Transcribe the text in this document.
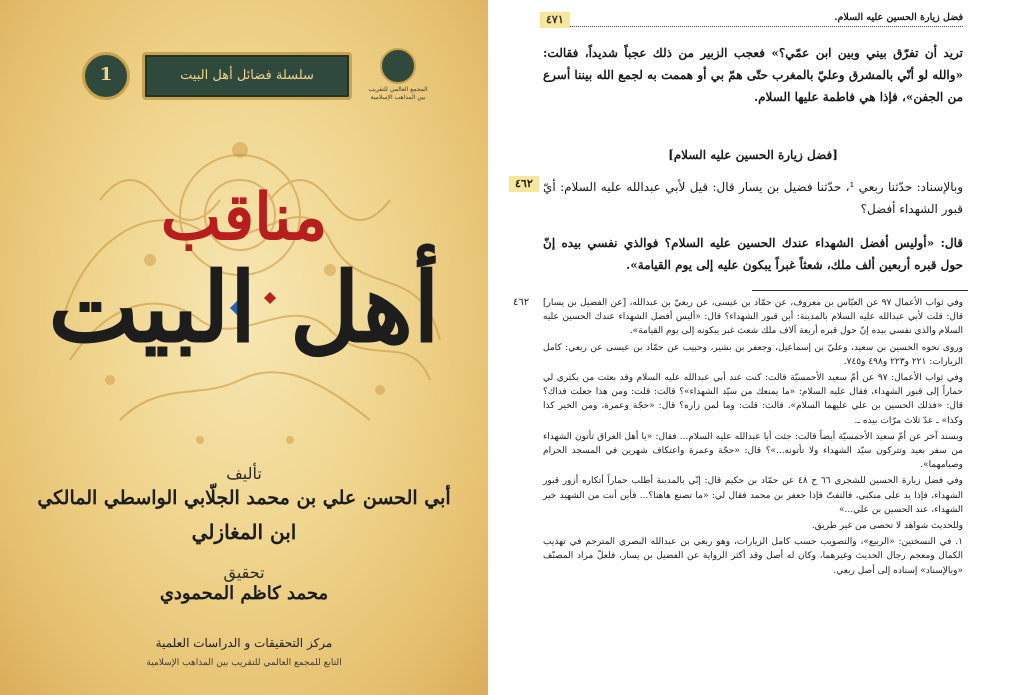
المجمع العالمي للتقريب بين المذاهب الإسلامية
سلسلة فضائل أهل البيت
1
مناقب
أهل البيت
تأليف
أبي الحسن علي بن محمد الجلّابي الواسطي المالكي
ابن المغازلي
تحقيق
محمد كاظم المحمودي
مركز التحقيقات و الدراسات العلمية
التابع للمجمع العالمي للتقريب بين المذاهب الإسلامية
فضل زيارة الحسين عليه السلام.
٤٧١
تريد أن تفرّق بيني وبين ابن عمّي؟» فعجب الزبير من ذلك عجباً شديداً، فقالت: «والله لو أنّي بالمشرق وعليّ بالمغرب حتّى همّ بي أو هممت به لجمع الله بيننا أسرع من الجفن»، فإذا هي فاطمة عليها السلام.
[فضل زيارة الحسين عليه السلام]
٤٦٢ وبالإسناد: حدّثنا ربعي ¹، حدّثنا فضيل بن يسار قال: قيل لأبي عبدالله عليه السلام: أيّ قبور الشهداء أفضل؟
قال: «أوليس أفضل الشهداء عندك الحسين عليه السلام؟ فوالذي نفسي بيده إنّ حول قبره أربعين ألف ملك، شعثاً غبراً يبكون عليه إلى يوم القيامة».
٤٦٢ وفي ثواب الأعمال ٩٧ عن العبّاس بن معروف، عن حمّاد بن عيسى، عن ربعيّ بن عبدالله، [عن الفضيل بن يسار] قال: قلت لأبي عبدالله عليه السلام بالمدينة: أين قبور الشهداء؟ قال: «أليس أفضل الشهداء عندك الحسين عليه السلام والذي نفسي بيده إنّ حول قبره أربعة آلاف ملك شعث غبر يبكونه إلى يوم القيامة».

وروى نحوه الحسين بن سعيد، وعليّ بن إسماعيل، وجعفر بن بشير، وحبيب عن حمّاد بن عيسى عن ربعي: كامل الزيارات: ٢٢١ و٢٢٣ و٤٩٨ و٧٤٥.

وفي ثواب الأعمال: ٩٧ عن أمّ سعيد الأحمسيّة قالت: كنت عند أبي عبدالله عليه السلام وقد بعثت من يكتري لي حماراً إلى قبور الشهداء، فقال عليه السلام: «ما يمنعك من سيّد الشهداء»؟ قالت: قلت: ومن هذا جعلت فداك؟ قال: «فذلك الحسين بن علي عليهما السلام». قالت: قلت: وما لمن زاره؟ قال: «حجّة وعمرة، ومن الخير كذا وكذا» ـ عدّ ثلاث مرّات بيده ـ.

وبسند آخر عن أمّ سعيد الأحمسيّة أيضاً قالت: جئت أبا عبدالله عليه السلام... فقال: «يا أهل العراق تأتون الشهداء من سفر بعيد وتتركون سيّد الشهداء ولا تأتونه...»؟ قال: «حجّة وعمرة واعتكاف شهرين في المسجد الحرام وصيامهما».

وفي فضل زيارة الحسين للشجري ٦٦ ح ٤٨ عن حمّاد بن حكيم قال: إنّي بالمدينة أطلب حماراً أتكاره أزور قبور الشهداء، فإذا يد على منكبي، فالتفتّ فإذا جعفر بن محمد فقال لي: «ما تصنع هاهنا؟... فأين أنت من الشهيد خير الشهداء، عند الحسين بن علي...»

وللحديث شواهد لا تحصى من غير طريق.

١. في النسختين: «الربيع»، والتصويب حسب كامل الزيارات، وهو ربعي بن عبدالله البصري المترجم في تهذيب الكمال ومعجم رجال الحديث وغيرهما، وكان له أصل وقد أكثر الرواية عن الفضيل بن يسار، فلعلّ مراد المصنّف «وبالإسناد» إسناده إلى أصل ربعي.
